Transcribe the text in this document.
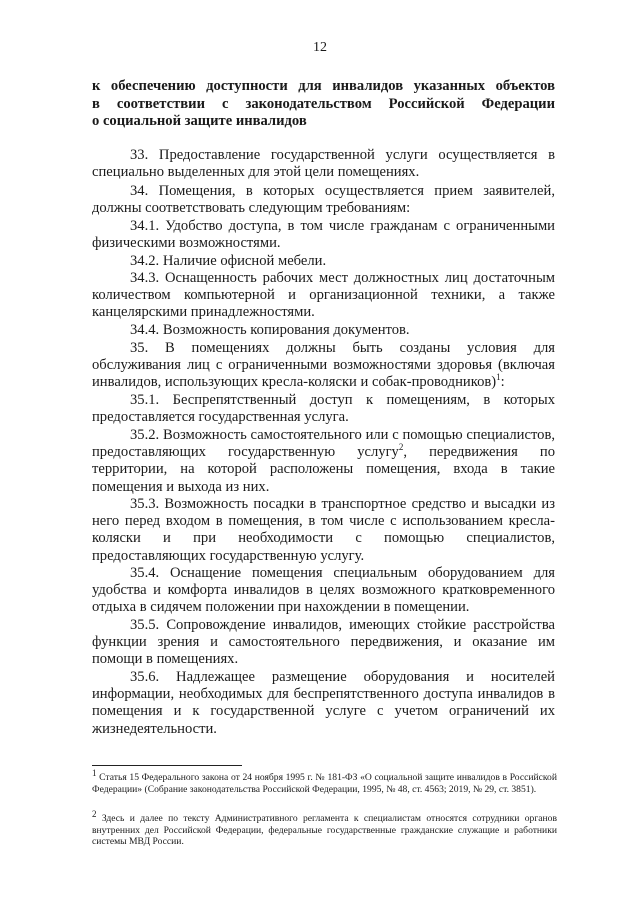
12
к обеспечению доступности для инвалидов указанных объектов
в соответствии с законодательством Российской Федерации
о социальной защите инвалидов

33. Предоставление государственной услуги осуществляется в специально выделенных для этой цели помещениях.

34. Помещения, в которых осуществляется прием заявителей, должны соответствовать следующим требованиям:

34.1. Удобство доступа, в том числе гражданам с ограниченными физическими возможностями.

34.2. Наличие офисной мебели.

34.3. Оснащенность рабочих мест должностных лиц достаточным количеством компьютерной и организационной техники, а также канцелярскими принадлежностями.

34.4. Возможность копирования документов.

35. В помещениях должны быть созданы условия для обслуживания лиц с ограниченными возможностями здоровья (включая инвалидов, использующих кресла-коляски и собак-проводников)$^1$:

35.1. Беспрепятственный доступ к помещениям, в которых предоставляется государственная услуга.

35.2. Возможность самостоятельного или с помощью специалистов, предоставляющих государственную услугу$^2$, передвижения по территории, на которой расположены помещения, входа в такие помещения и выхода из них.

35.3. Возможность посадки в транспортное средство и высадки из него перед входом в помещения, в том числе с использованием кресла-коляски и при необходимости с помощью специалистов, предоставляющих государственную услугу.

35.4. Оснащение помещения специальным оборудованием для удобства и комфорта инвалидов в целях возможного кратковременного отдыха в сидячем положении при нахождении в помещении.

35.5. Сопровождение инвалидов, имеющих стойкие расстройства функции зрения и самостоятельного передвижения, и оказание им помощи в помещениях.

35.6. Надлежащее размещение оборудования и носителей информации, необходимых для беспрепятственного доступа инвалидов в помещения и к государственной услуге с учетом ограничений их жизнедеятельности.

$^1$ Статья 15 Федерального закона от 24 ноября 1995 г. № 181-ФЗ «О социальной защите инвалидов в Российской Федерации» (Собрание законодательства Российской Федерации, 1995, № 48, ст. 4563; 2019, № 29, ст. 3851).
$^2$ Здесь и далее по тексту Административного регламента к специалистам относятся сотрудники органов внутренних дел Российской Федерации, федеральные государственные гражданские служащие и работники системы МВД России.
